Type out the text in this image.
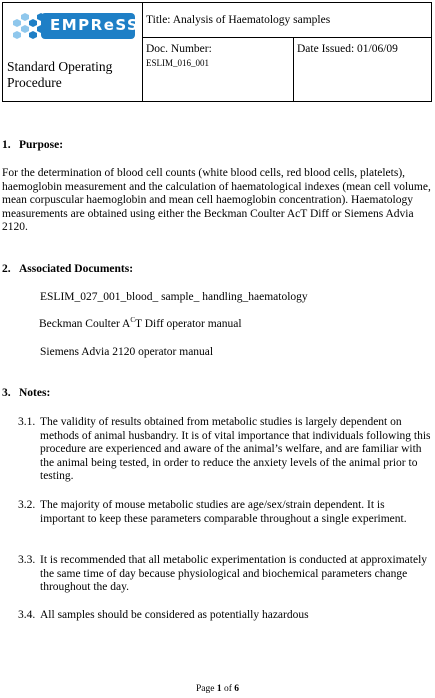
EMPReSS
Standard Operating Procedure
Title: Analysis of Haematology samples
Doc. Number:
ESLIM_016_001
Date Issued: 01/06/09
1. Purpose:
For the determination of blood cell counts (white blood cells, red blood cells, platelets), haemoglobin measurement and the calculation of haematological indexes (mean cell volume, mean corpuscular haemoglobin and mean cell haemoglobin concentration). Haematology measurements are obtained using either the Beckman Coulter AcT Diff or Siemens Advia 2120.
2. Associated Documents:
ESLIM_027_001_blood_ sample_ handling_haematology
Beckman Coulter $A^CT$ Diff operator manual
Siemens Advia 2120 operator manual
3. Notes:
3.1. The validity of results obtained from metabolic studies is largely dependent on methods of animal husbandry. It is of vital importance that individuals following this procedure are experienced and aware of the animal’s welfare, and are familiar with the animal being tested, in order to reduce the anxiety levels of the animal prior to testing.
3.2. The majority of mouse metabolic studies are age/sex/strain dependent. It is important to keep these parameters comparable throughout a single experiment.
3.3. It is recommended that all metabolic experimentation is conducted at approximately the same time of day because physiological and biochemical parameters change throughout the day.
3.4. All samples should be considered as potentially hazardous
Page 1 of 6
